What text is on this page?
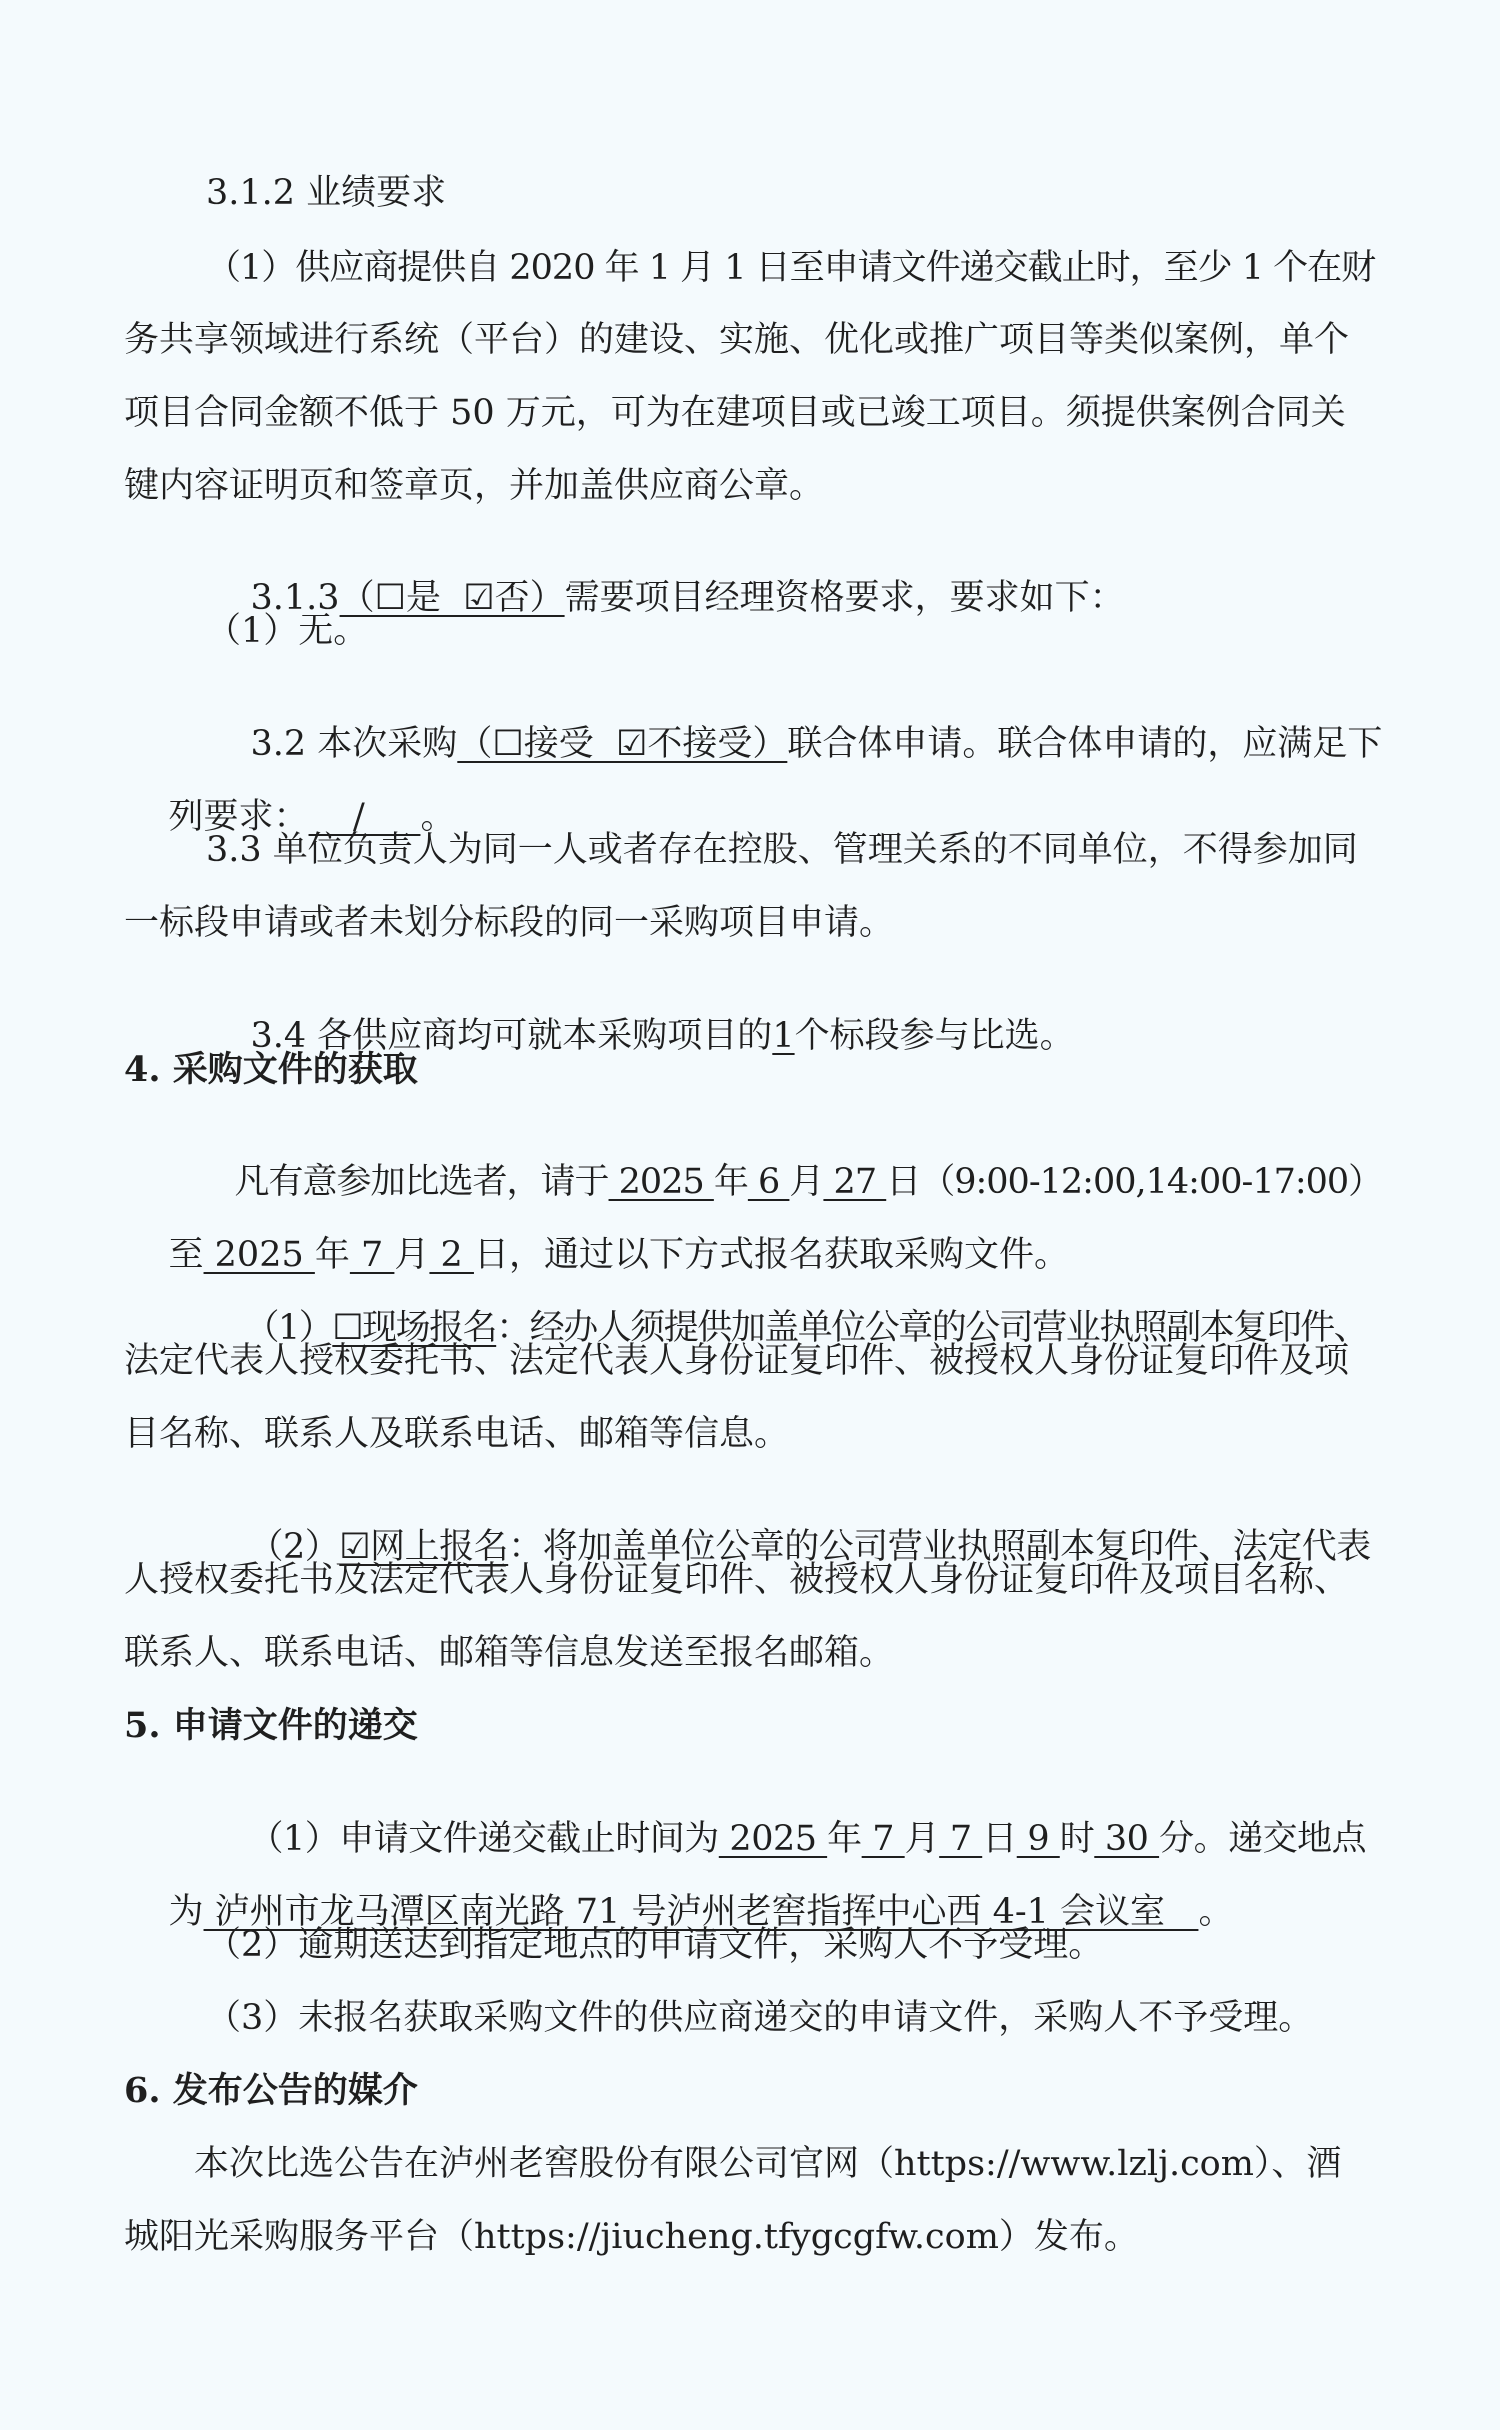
3.1.2 业绩要求
（1）供应商提供自 2020 年 1 月 1 日至申请文件递交截止时，至少 1 个在财
务共享领域进行系统（平台）的建设、实施、优化或推广项目等类似案例，单个
项目合同金额不低于 50 万元，可为在建项目或已竣工项目。须提供案例合同关
键内容证明页和签章页，并加盖供应商公章。

3.1.3（☐是  ☑否）需要项目经理资格要求，要求如下：

（1）无。

3.2 本次采购（☐接受  ☑不接受）联合体申请。联合体申请的，应满足下

列要求：    /     。

3.3 单位负责人为同一人或者存在控股、管理关系的不同单位，不得参加同
一标段申请或者未划分标段的同一采购项目申请。

3.4 各供应商均可就本采购项目的1个标段参与比选。

4. 采购文件的获取

凡有意参加比选者，请于 2025 年 6 月 27 日（9:00-12:00,14:00-17:00）

至 2025 年 7 月 2 日，通过以下方式报名获取采购文件。

（1）☐现场报名：经办人须提供加盖单位公章的公司营业执照副本复印件、

法定代表人授权委托书、法定代表人身份证复印件、被授权人身份证复印件及项
目名称、联系人及联系电话、邮箱等信息。

（2）☑网上报名：将加盖单位公章的公司营业执照副本复印件、法定代表

人授权委托书及法定代表人身份证复印件、被授权人身份证复印件及项目名称、
联系人、联系电话、邮箱等信息发送至报名邮箱。
5. 申请文件的递交

（1）申请文件递交截止时间为 2025 年 7 月 7 日 9 时 30 分。递交地点

为 泸州市龙马潭区南光路 71 号泸州老窖指挥中心西 4-1 会议室   。

（2）逾期送达到指定地点的申请文件，采购人不予受理。
（3）未报名获取采购文件的供应商递交的申请文件，采购人不予受理。
6. 发布公告的媒介
本次比选公告在泸州老窖股份有限公司官网（https://www.lzlj.com）、酒
城阳光采购服务平台（https://jiucheng.tfygcgfw.com）发布。
